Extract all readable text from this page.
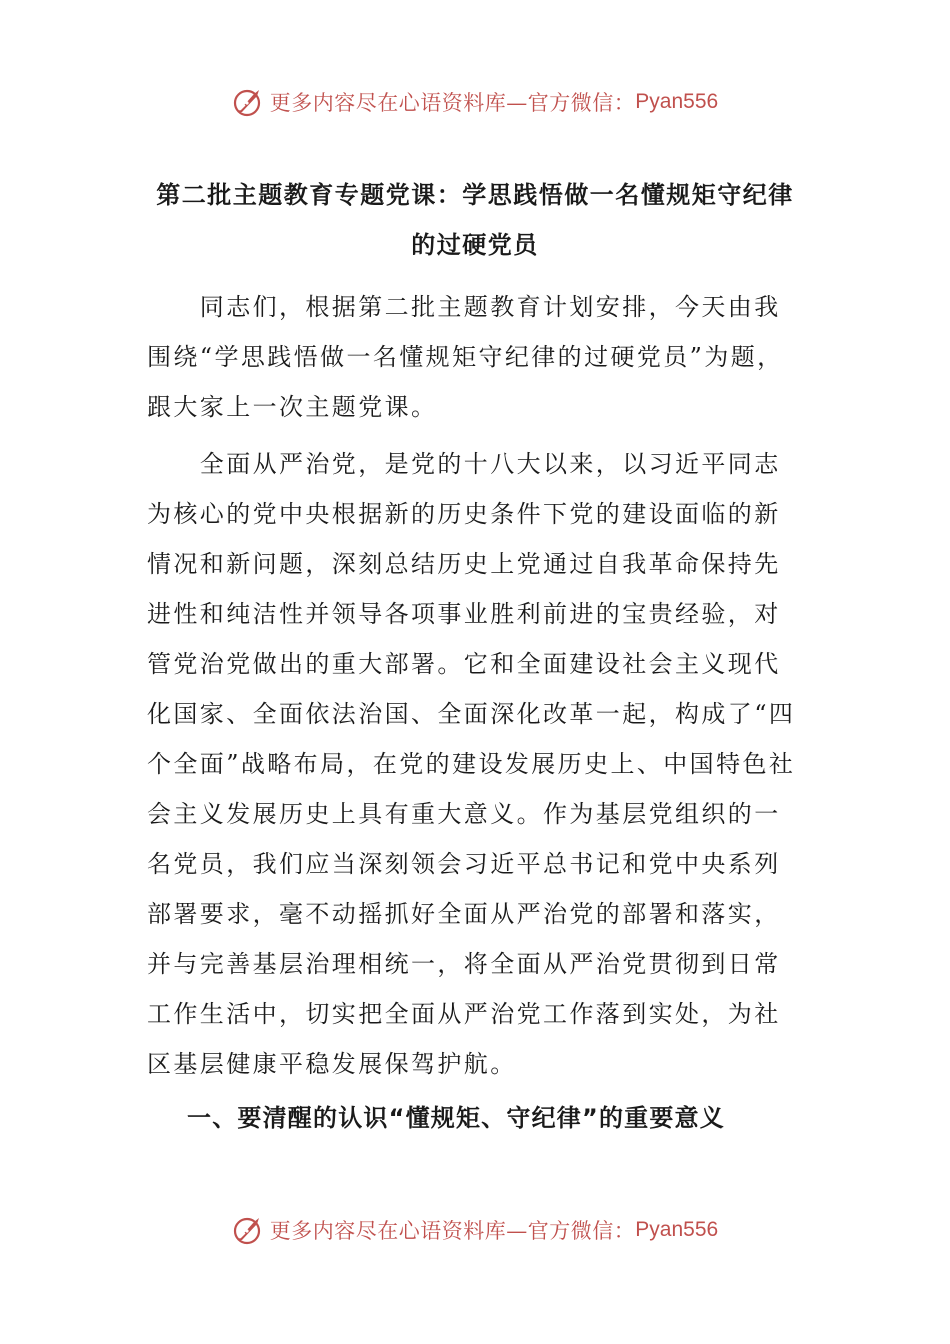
更多内容尽在心语资料库—官方微信： Pyan556
第二批主题教育专题党课：学思践悟做一名懂规矩守纪律
的过硬党员

　　同志们，根据第二批主题教育计划安排，今天由我围绕“学思践悟做一名懂规矩守纪律的过硬党员”为题，跟大家上一次主题党课。

　　全面从严治党，是党的十八大以来，以习近平同志为核心的党中央根据新的历史条件下党的建设面临的新情况和新问题，深刻总结历史上党通过自我革命保持先进性和纯洁性并领导各项事业胜利前进的宝贵经验，对管党治党做出的重大部署。它和全面建设社会主义现代化国家、全面依法治国、全面深化改革一起，构成了“四个全面”战略布局，在党的建设发展历史上、中国特色社会主义发展历史上具有重大意义。作为基层党组织的一名党员，我们应当深刻领会习近平总书记和党中央系列部署要求，毫不动摇抓好全面从严治党的部署和落实，并与完善基层治理相统一，将全面从严治党贯彻到日常工作生活中，切实把全面从严治党工作落到实处，为社区基层健康平稳发展保驾护航。

一、要清醒的认识“懂规矩、守纪律”的重要意义
更多内容尽在心语资料库—官方微信： Pyan556
